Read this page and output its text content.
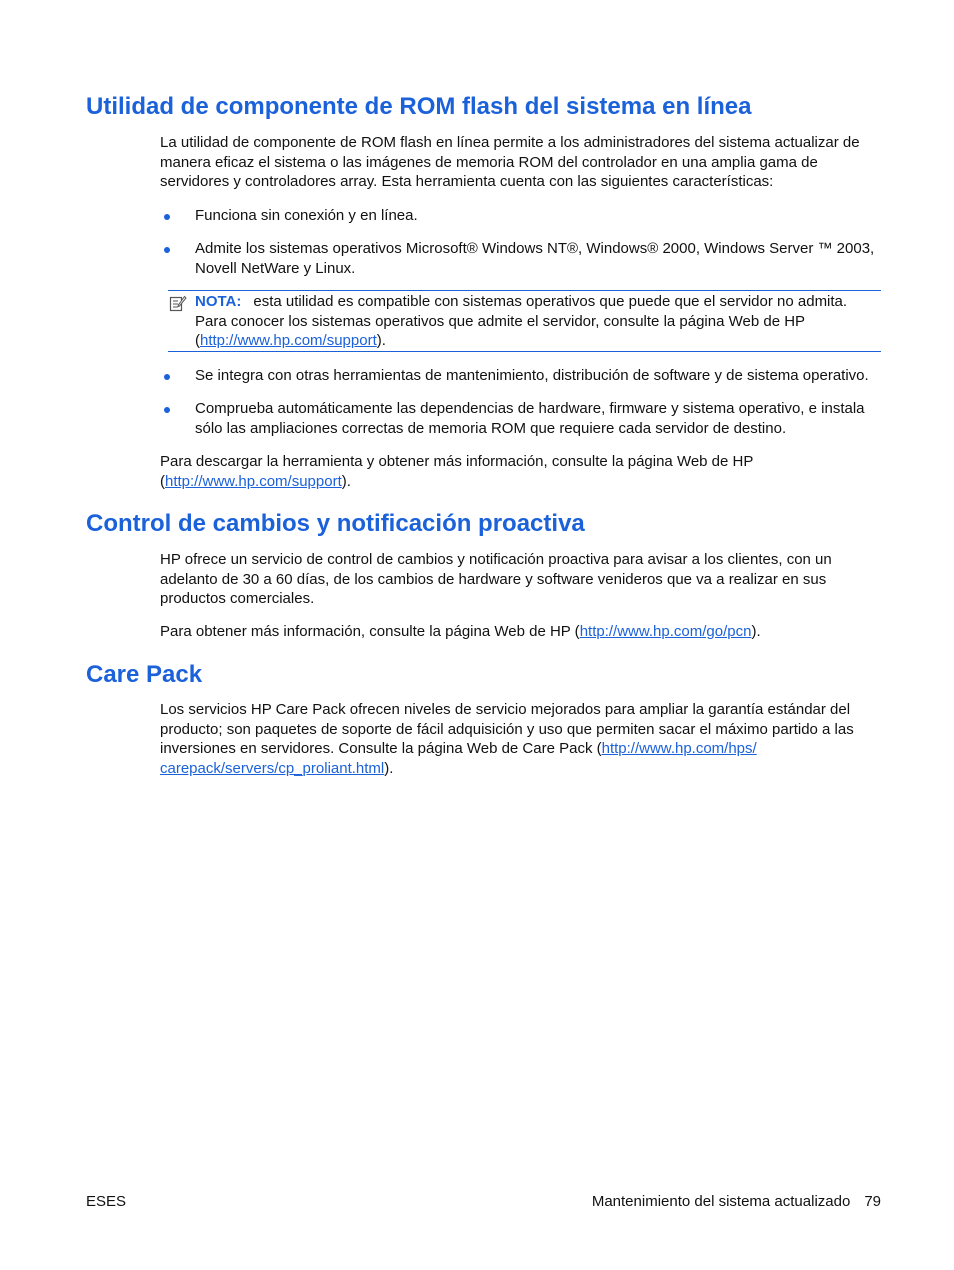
Utilidad de componente de ROM flash del sistema en línea

La utilidad de componente de ROM flash en línea permite a los administradores del sistema actualizar de manera eficaz el sistema o las imágenes de memoria ROM del controlador en una amplia gama de servidores y controladores array. Esta herramienta cuenta con las siguientes características:

Funciona sin conexión y en línea.
Admite los sistemas operativos Microsoft® Windows NT®, Windows® 2000, Windows Server ™ 2003, Novell NetWare y Linux.
NOTA: esta utilidad es compatible con sistemas operativos que puede que el servidor no admita. Para conocer los sistemas operativos que admite el servidor, consulte la página Web de HP (http://www.hp.com/support).
Se integra con otras herramientas de mantenimiento, distribución de software y de sistema operativo.
Comprueba automáticamente las dependencias de hardware, firmware y sistema operativo, e instala sólo las ampliaciones correctas de memoria ROM que requiere cada servidor de destino.

Para descargar la herramienta y obtener más información, consulte la página Web de HP (http://www.hp.com/support).

Control de cambios y notificación proactiva

HP ofrece un servicio de control de cambios y notificación proactiva para avisar a los clientes, con un adelanto de 30 a 60 días, de los cambios de hardware y software venideros que va a realizar en sus productos comerciales.

Para obtener más información, consulte la página Web de HP (http://www.hp.com/go/pcn).

Care Pack

Los servicios HP Care Pack ofrecen niveles de servicio mejorados para ampliar la garantía estándar del producto; son paquetes de soporte de fácil adquisición y uso que permiten sacar el máximo partido a las inversiones en servidores. Consulte la página Web de Care Pack (http://www.hp.com/hps/
carepack/servers/cp_proliant.html).

ESES	Mantenimiento del sistema actualizado 79
